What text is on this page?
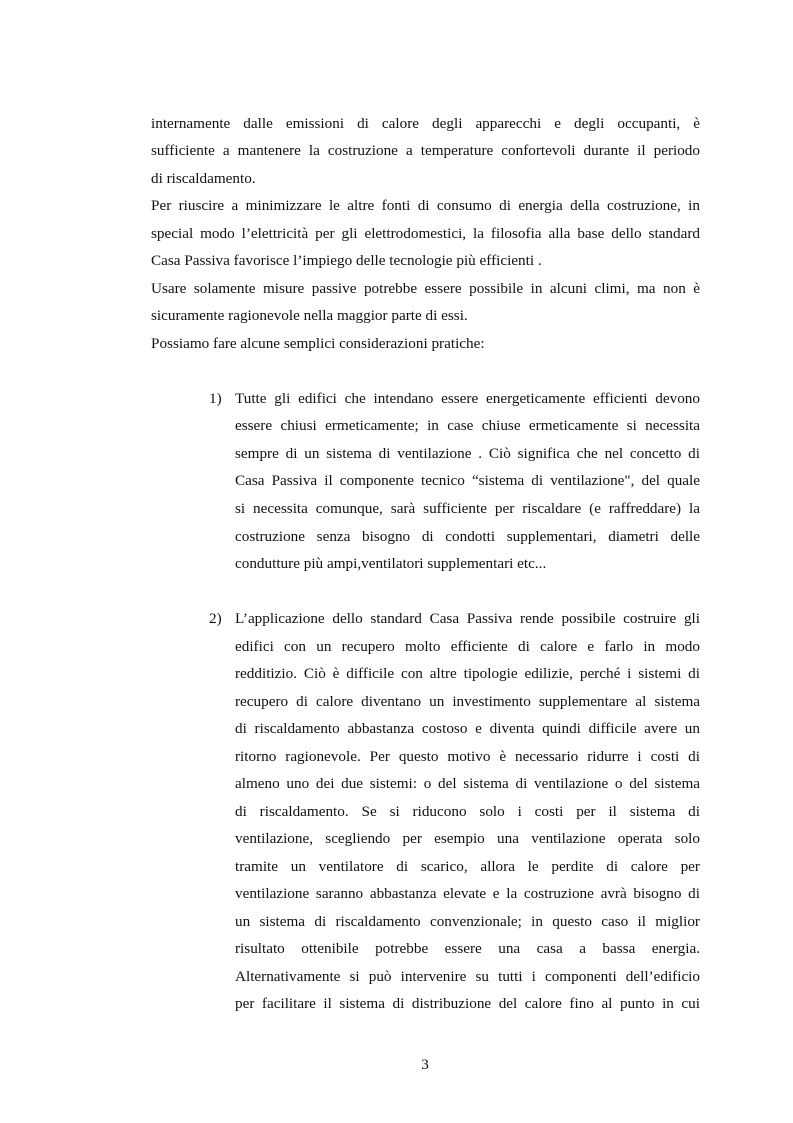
internamente dalle emissioni di calore degli apparecchi e degli occupanti, è
sufficiente a mantenere la costruzione a temperature confortevoli durante il periodo
di riscaldamento.
Per riuscire a minimizzare le altre fonti di consumo di energia della costruzione, in
special modo l’elettricità per gli elettrodomestici, la filosofia alla base dello standard
Casa Passiva favorisce l’impiego delle tecnologie più efficienti .
Usare solamente misure passive potrebbe essere possibile in alcuni climi, ma non è
sicuramente ragionevole nella maggior parte di essi.
Possiamo fare alcune semplici considerazioni pratiche:
1) Tutte gli edifici che intendano essere energeticamente efficienti devono
essere chiusi ermeticamente; in case chiuse ermeticamente si necessita
sempre di un sistema di ventilazione . Ciò significa che nel concetto di
Casa Passiva il componente tecnico “sistema di ventilazione", del quale
si necessita comunque, sarà sufficiente per riscaldare (e raffreddare) la
costruzione senza bisogno di condotti supplementari, diametri delle
condutture più ampi,ventilatori supplementari etc...
2) L’applicazione dello standard Casa Passiva rende possibile costruire gli
edifici con un recupero molto efficiente di calore e farlo in modo
redditizio. Ciò è difficile con altre tipologie edilizie, perché i sistemi di
recupero di calore diventano un investimento supplementare al sistema
di riscaldamento abbastanza costoso e diventa quindi difficile avere un
ritorno ragionevole. Per questo motivo è necessario ridurre i costi di
almeno uno dei due sistemi: o del sistema di ventilazione o del sistema
di riscaldamento. Se si riducono solo i costi per il sistema di
ventilazione, scegliendo per esempio una ventilazione operata solo
tramite un ventilatore di scarico, allora le perdite di calore per
ventilazione saranno abbastanza elevate e la costruzione avrà bisogno di
un sistema di riscaldamento convenzionale; in questo caso il miglior
risultato ottenibile potrebbe essere una casa a bassa energia.
Alternativamente si può intervenire su tutti i componenti dell’edificio
per facilitare il sistema di distribuzione del calore fino al punto in cui
3
